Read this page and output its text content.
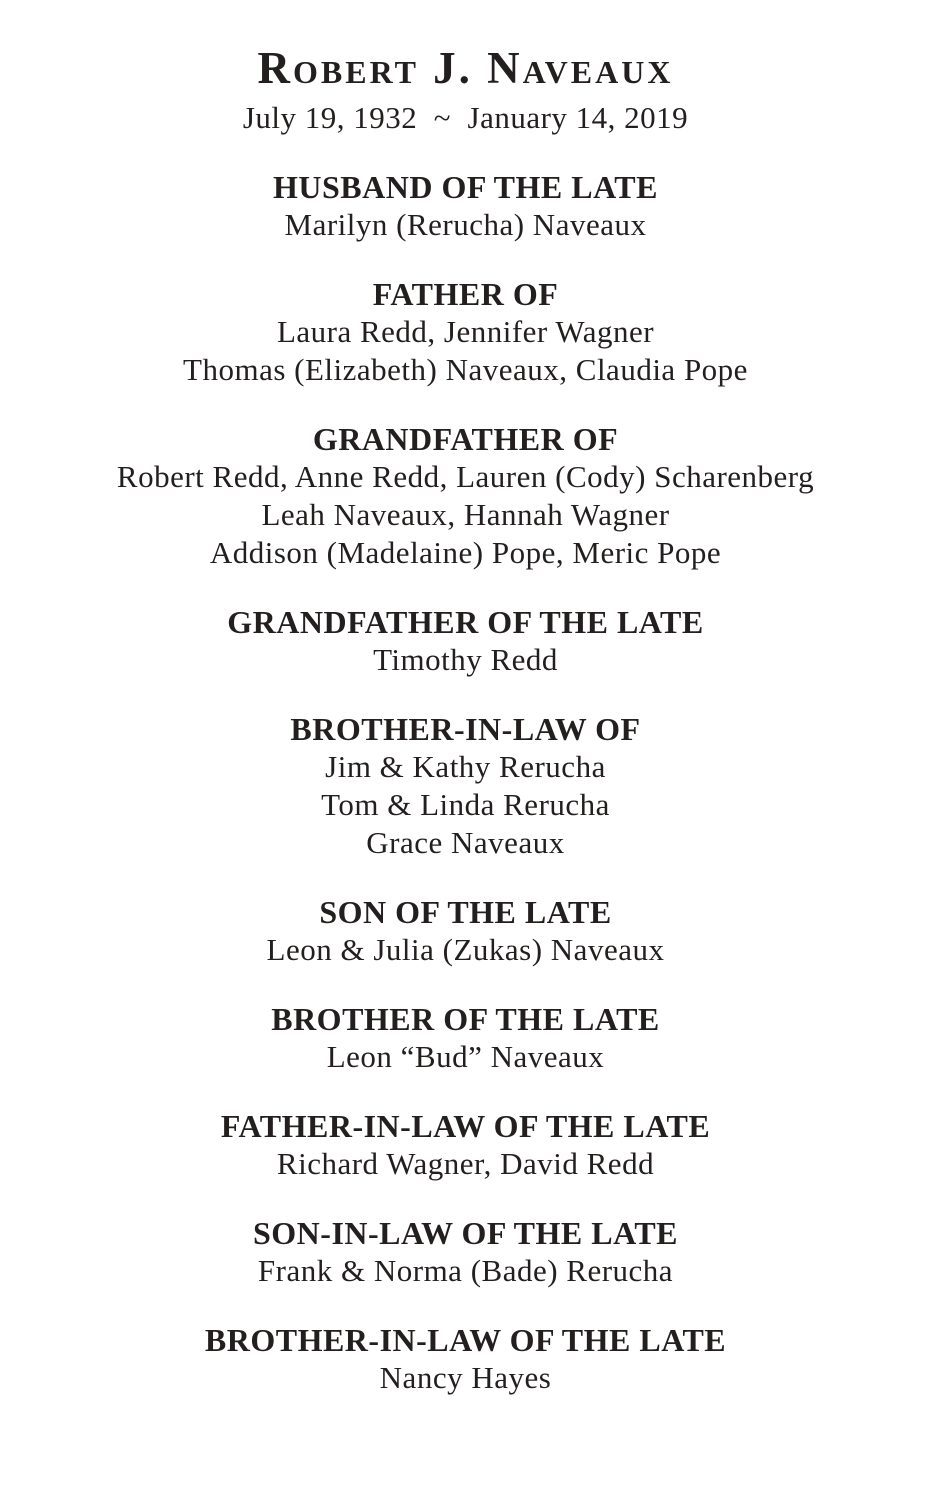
Robert J. Naveaux

July 19, 1932  ~  January 14, 2019

HUSBAND OF THE LATE

Marilyn (Rerucha) Naveaux

FATHER OF

Laura Redd, Jennifer Wagner

Thomas (Elizabeth) Naveaux, Claudia Pope

GRANDFATHER OF

Robert Redd, Anne Redd, Lauren (Cody) Scharenberg

Leah Naveaux, Hannah Wagner

Addison (Madelaine) Pope, Meric Pope

GRANDFATHER OF THE LATE

Timothy Redd

BROTHER-IN-LAW OF

Jim & Kathy Rerucha

Tom & Linda Rerucha

Grace Naveaux

SON OF THE LATE

Leon & Julia (Zukas) Naveaux

BROTHER OF THE LATE

Leon “Bud” Naveaux

FATHER-IN-LAW OF THE LATE

Richard Wagner, David Redd

SON-IN-LAW OF THE LATE

Frank & Norma (Bade) Rerucha

BROTHER-IN-LAW OF THE LATE

Nancy Hayes
